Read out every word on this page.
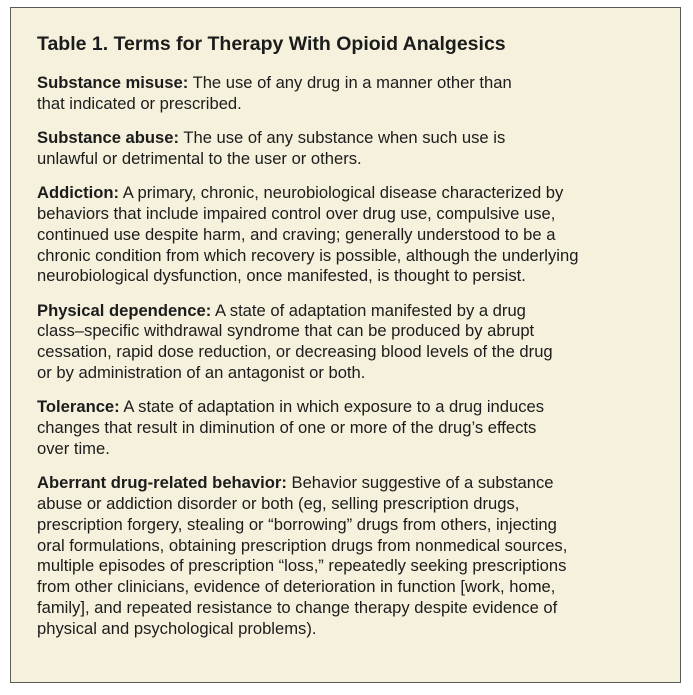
Table 1. Terms for Therapy With Opioid Analgesics
Substance misuse: The use of any drug in a manner other than
that indicated or prescribed.
Substance abuse: The use of any substance when such use is
unlawful or detrimental to the user or others.
Addiction: A primary, chronic, neurobiological disease characterized by
behaviors that include impaired control over drug use, compulsive use,
continued use despite harm, and craving; generally understood to be a
chronic condition from which recovery is possible, although the underlying
neurobiological dysfunction, once manifested, is thought to persist.
Physical dependence: A state of adaptation manifested by a drug
class–specific withdrawal syndrome that can be produced by abrupt
cessation, rapid dose reduction, or decreasing blood levels of the drug
or by administration of an antagonist or both.
Tolerance: A state of adaptation in which exposure to a drug induces
changes that result in diminution of one or more of the drug’s effects
over time.
Aberrant drug-related behavior: Behavior suggestive of a substance
abuse or addiction disorder or both (eg, selling prescription drugs,
prescription forgery, stealing or “borrowing” drugs from others, injecting
oral formulations, obtaining prescription drugs from nonmedical sources,
multiple episodes of prescription “loss,” repeatedly seeking prescriptions
from other clinicians, evidence of deterioration in function [work, home,
family], and repeated resistance to change therapy despite evidence of
physical and psychological problems).
